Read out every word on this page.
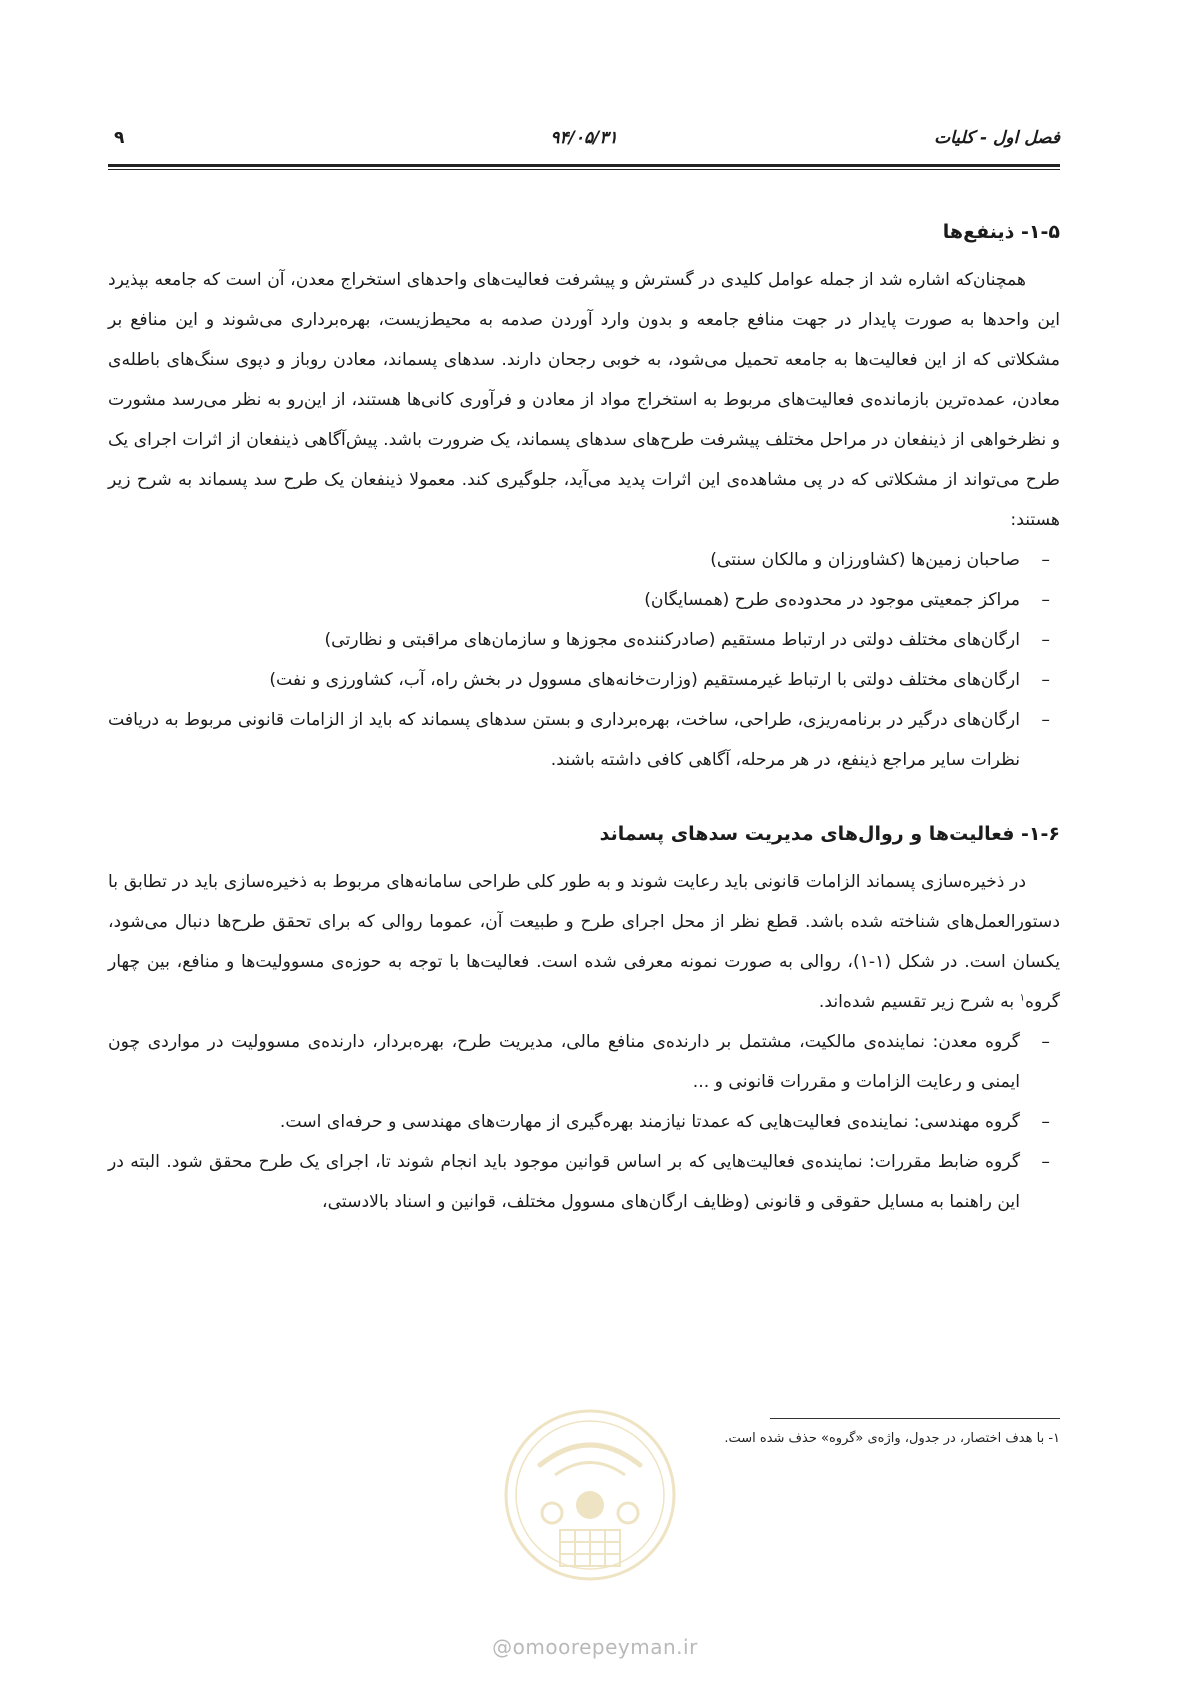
فصل اول - کلیات
۹۴/۰۵/۳۱
۹
۱-۵- ذینفع‌ها

همچنان‌که اشاره شد از جمله عوامل کلیدی در گسترش و پیشرفت فعالیت‌های واحدهای استخراج معدن، آن است که جامعه بپذیرد این واحدها به صورت پایدار در جهت منافع جامعه و بدون وارد آوردن صدمه به محیط‌زیست، بهره‌برداری می‌شوند و این منافع بر مشکلاتی که از این فعالیت‌ها به جامعه تحمیل می‌شود، به خوبی رجحان دارند. سدهای پسماند، معادن روباز و دپوی سنگ‌های باطله‌ی معادن، عمده‌ترین بازمانده‌ی فعالیت‌های مربوط به استخراج مواد از معادن و فرآوری کانی‌ها هستند، از این‌رو به نظر می‌رسد مشورت و نظرخواهی از ذینفعان در مراحل مختلف پیشرفت طرح‌های سدهای پسماند، یک ضرورت باشد. پیش‌آگاهی ذینفعان از اثرات اجرای یک طرح می‌تواند از مشکلاتی که در پی مشاهده‌ی این اثرات پدید می‌آید، جلوگیری کند. معمولا ذینفعان یک طرح سد پسماند به شرح زیر هستند:

–
صاحبان زمین‌ها (کشاورزان و مالکان سنتی)
–
مراکز جمعیتی موجود در محدوده‌ی طرح (همسایگان)
–
ارگان‌های مختلف دولتی در ارتباط مستقیم (صادرکننده‌ی مجوزها و سازمان‌های مراقبتی و نظارتی)
–
ارگان‌های مختلف دولتی با ارتباط غیرمستقیم (وزارت‌خانه‌های مسوول در بخش راه، آب، کشاورزی و نفت)
–
ارگان‌های درگیر در برنامه‌ریزی، طراحی، ساخت، بهره‌برداری و بستن سدهای پسماند که باید از الزامات قانونی مربوط به دریافت نظرات سایر مراجع ذینفع، در هر مرحله، آگاهی کافی داشته باشند.
۱-۶- فعالیت‌ها و روال‌های مدیریت سدهای پسماند

در ذخیره‌سازی پسماند الزامات قانونی باید رعایت شوند و به طور کلی طراحی سامانه‌های مربوط به ذخیره‌سازی باید در تطابق با دستورالعمل‌های شناخته شده باشد. قطع نظر از محل اجرای طرح و طبیعت آن، عموما روالی که برای تحقق طرح‌ها دنبال می‌شود، یکسان است. در شکل (۱-۱)، روالی به صورت نمونه معرفی شده است. فعالیت‌ها با توجه به حوزه‌ی مسوولیت‌ها و منافع، بین چهار گروه$^۱$ به شرح زیر تقسیم شده‌اند.

–
گروه معدن: نماینده‌ی مالکیت، مشتمل بر دارنده‌ی منافع مالی، مدیریت طرح، بهره‌بردار، دارنده‌ی مسوولیت در مواردی چون ایمنی و رعایت الزامات و مقررات قانونی و ...
–
گروه مهندسی: نماینده‌ی فعالیت‌هایی که عمدتا نیازمند بهره‌گیری از مهارت‌های مهندسی و حرفه‌ای است.
–
گروه ضابط مقررات: نماینده‌ی فعالیت‌هایی که بر اساس قوانین موجود باید انجام شوند تا، اجرای یک طرح محقق شود. البته در این راهنما به مسایل حقوقی و قانونی (وظایف ارگان‌های مسوول مختلف، قوانین و اسناد بالادستی،
۱- با هدف اختصار، در جدول، واژه‌ی «گروه» حذف شده است.
@omoorepeyman.ir
